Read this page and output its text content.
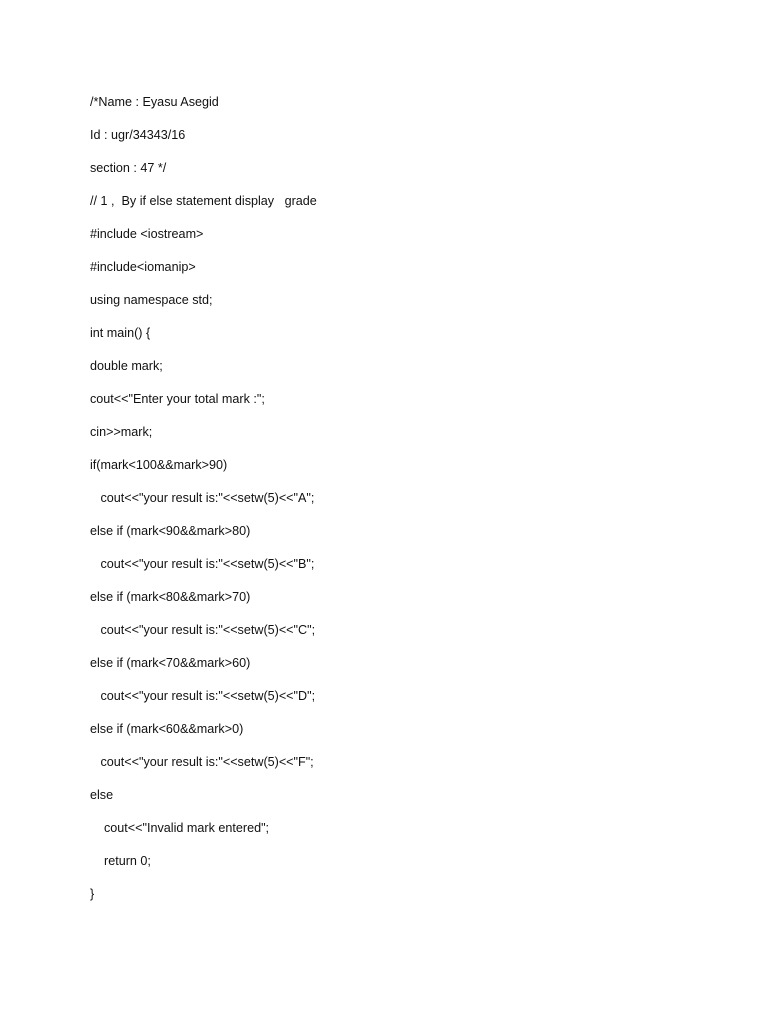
/*Name : Eyasu Asegid
Id : ugr/34343/16
section : 47 */
// 1 ,  By if else statement display   grade
#include <iostream>
#include<iomanip>
using namespace std;
int main() {
double mark;
cout<<"Enter your total mark :";
cin>>mark;
if(mark<100&&mark>90)
cout<<"your result is:"<<setw(5)<<"A";
else if (mark<90&&mark>80)
cout<<"your result is:"<<setw(5)<<"B";
else if (mark<80&&mark>70)
cout<<"your result is:"<<setw(5)<<"C";
else if (mark<70&&mark>60)
cout<<"your result is:"<<setw(5)<<"D";
else if (mark<60&&mark>0)
cout<<"your result is:"<<setw(5)<<"F";
else
cout<<"Invalid mark entered";
return 0;
}
